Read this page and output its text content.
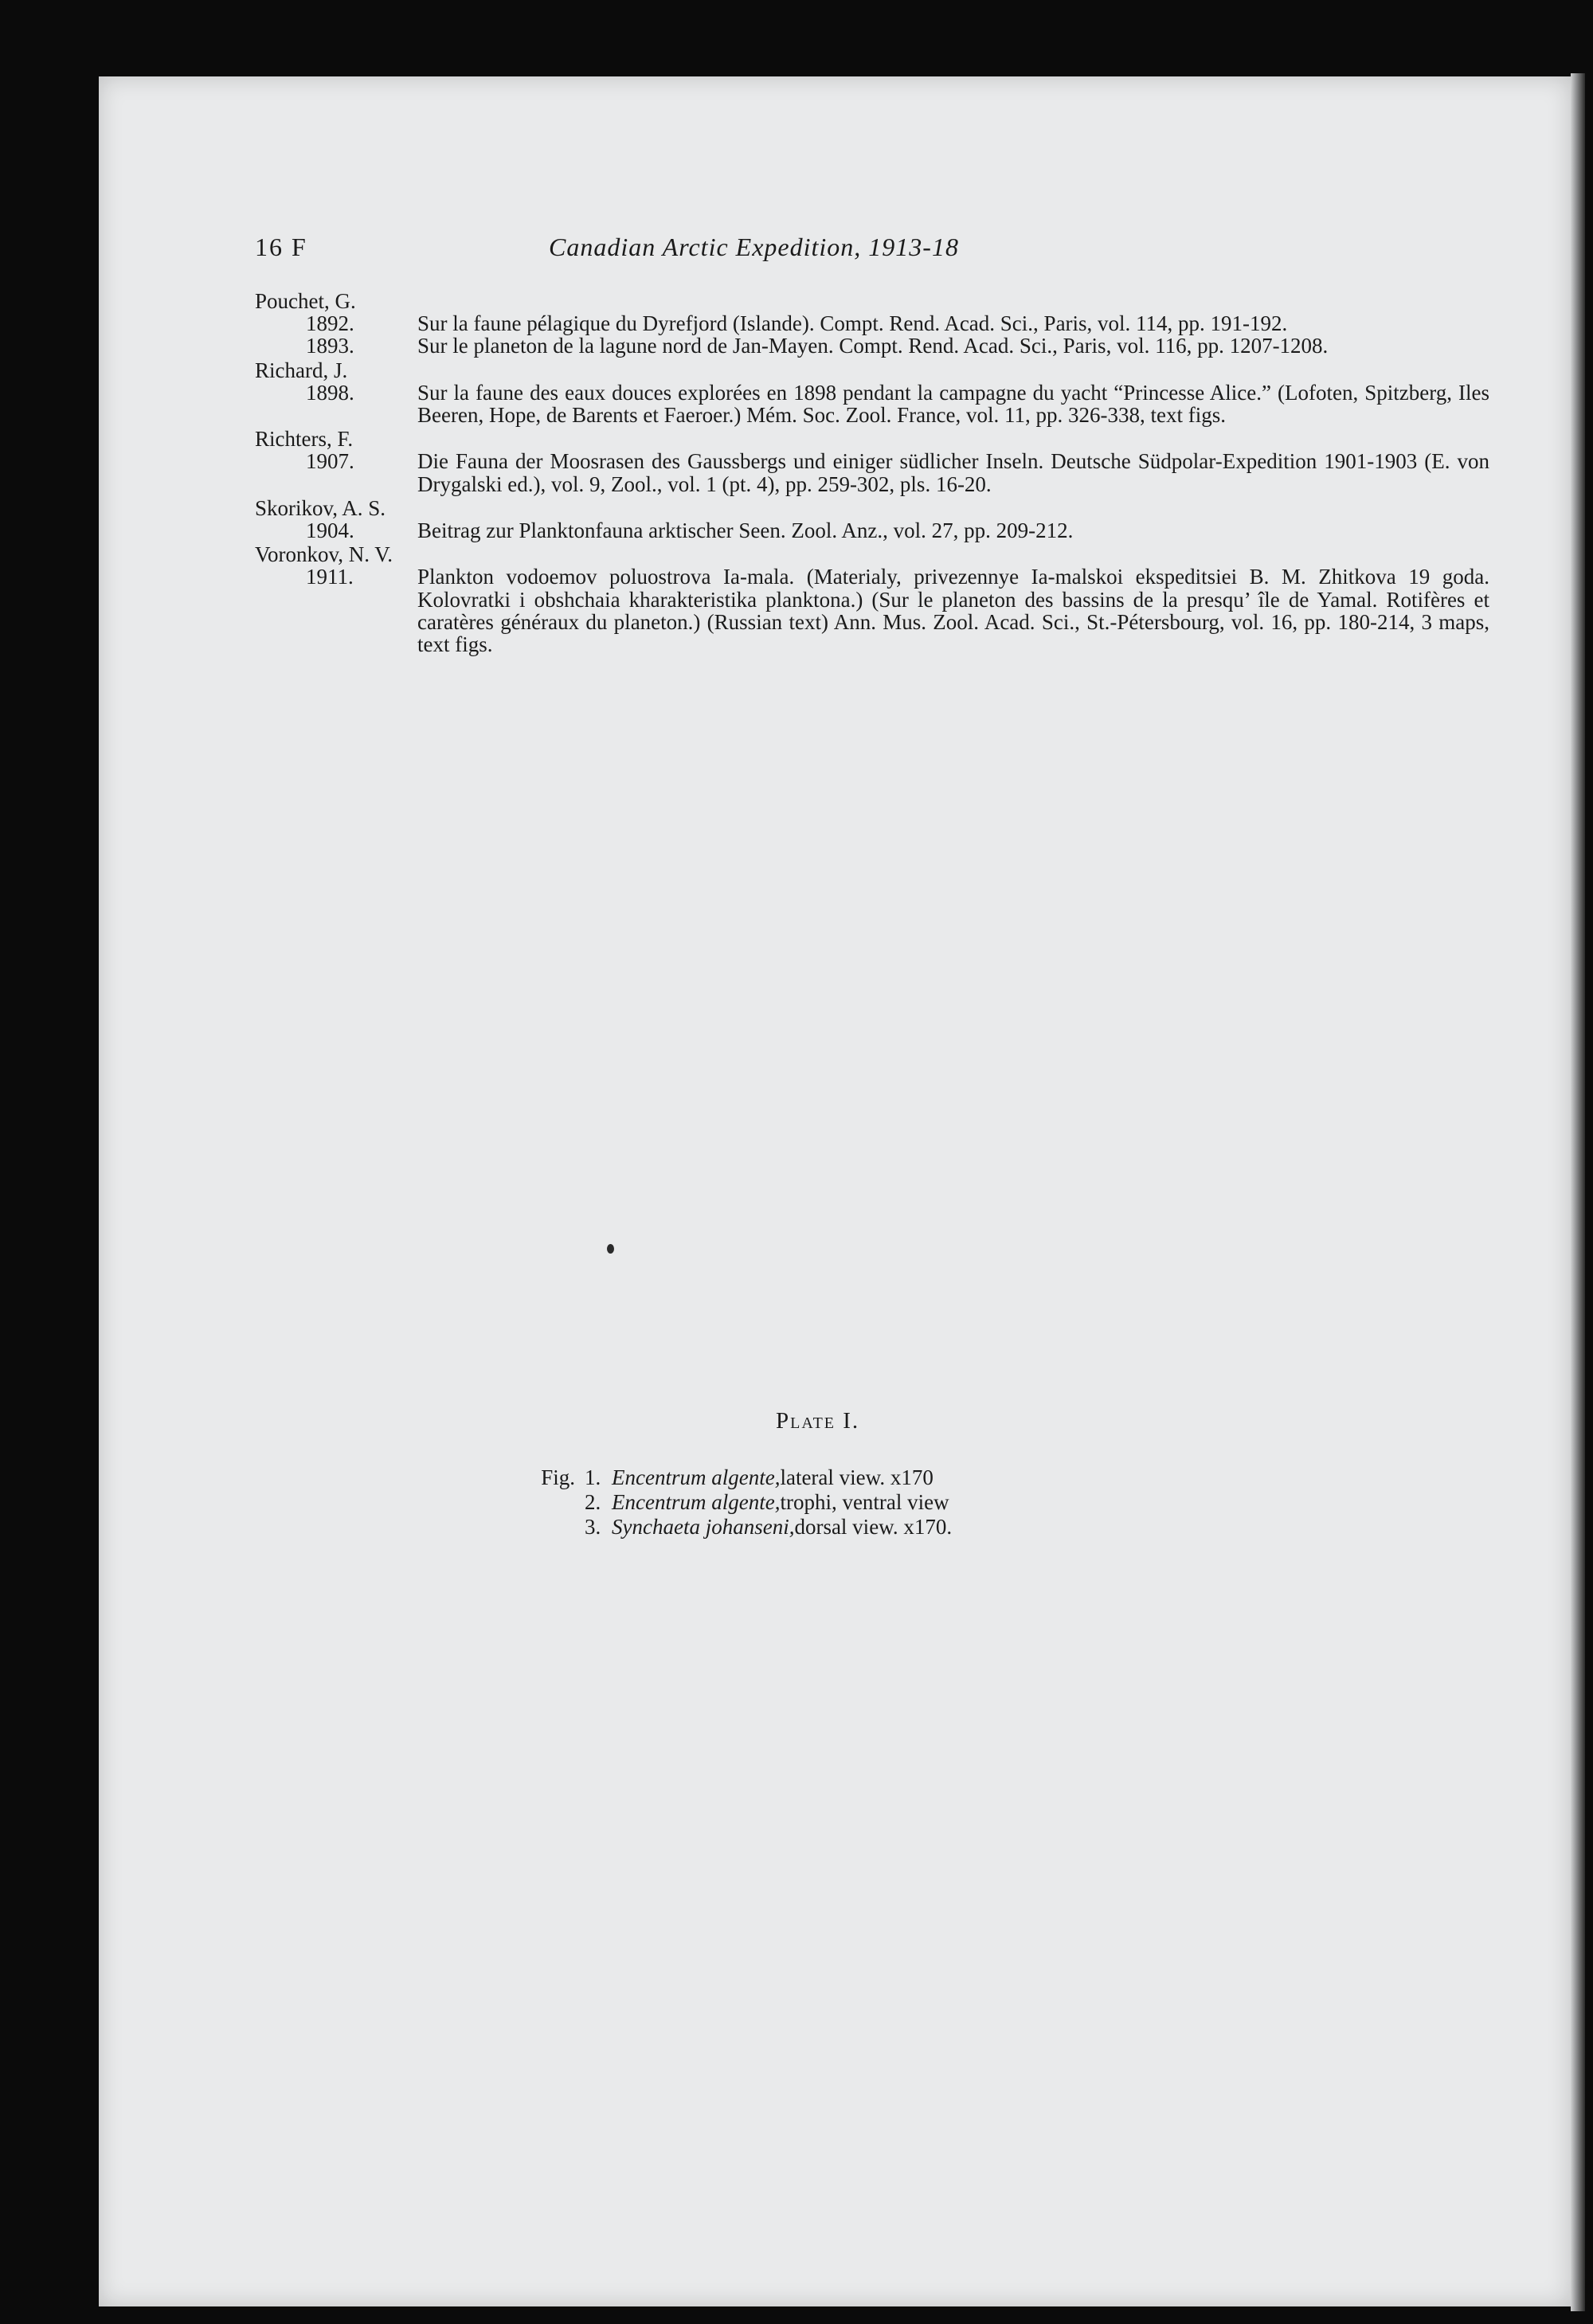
16 F	Canadian Arctic Expedition, 1913-18
Pouchet, G.
1892.	Sur la faune pélagique du Dyrefjord (Islande). Compt. Rend. Acad. Sci., Paris, vol. 114, pp. 191-192.
1893.	Sur le planeton de la lagune nord de Jan-Mayen. Compt. Rend. Acad. Sci., Paris, vol. 116, pp. 1207-1208.
Richard, J.
1898.	Sur la faune des eaux douces explorées en 1898 pendant la campagne du yacht “Princesse Alice.” (Lofoten, Spitzberg, Iles Beeren, Hope, de Barents et Faeroer.) Mém. Soc. Zool. France, vol. 11, pp. 326-338, text figs.
Richters, F.
1907.	Die Fauna der Moosrasen des Gaussbergs und einiger südlicher Inseln. Deutsche Südpolar-Expedition 1901-1903 (E. von Drygalski ed.), vol. 9, Zool., vol. 1 (pt. 4), pp. 259-302, pls. 16-20.
Skorikov, A. S.
1904.	Beitrag zur Planktonfauna arktischer Seen. Zool. Anz., vol. 27, pp. 209-212.
Voronkov, N. V.
1911.	Plankton vodoemov poluostrova Ia-mala. (Materialy, privezennye Ia-malskoi ekspeditsiei B. M. Zhitkova 19 goda. Kolovratki i obshchaia kharakteristika planktona.) (Sur le planeton des bassins de la presqu’ île de Yamal. Rotifères et caratères généraux du planeton.) (Russian text) Ann. Mus. Zool. Acad. Sci., St.-Pétersbourg, vol. 16, pp. 180-214, 3 maps, text figs.
Plate I.
Fig. 1. Encentrum algente, lateral view. x170
2. Encentrum algente, trophi, ventral view
3. Synchaeta johanseni, dorsal view. x170.
